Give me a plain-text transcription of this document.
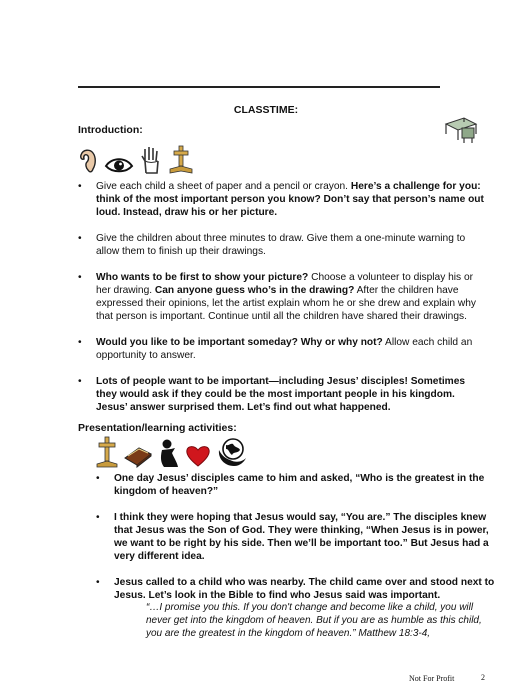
CLASSTIME:
Introduction:
• Give each child a sheet of paper and a pencil or crayon. Here’s a challenge for you: think of the most important person you know? Don’t say that person’s name out loud. Instead, draw his or her picture.
• Give the children about three minutes to draw. Give them a one-minute warning to allow them to finish up their drawings.
• Who wants to be first to show your picture? Choose a volunteer to display his or her drawing. Can anyone guess who’s in the drawing? After the children have expressed their opinions, let the artist explain whom he or she drew and explain why that person is important. Continue until all the children have shared their drawings.
• Would you like to be important someday? Why or why not? Allow each child an opportunity to answer.
• Lots of people want to be important—including Jesus’ disciples! Sometimes they would ask if they could be the most important people in his kingdom. Jesus’ answer surprised them. Let’s find out what happened.
Presentation/learning activities:
• One day Jesus’ disciples came to him and asked, “Who is the greatest in the kingdom of heaven?”
• I think they were hoping that Jesus would say, “You are.” The disciples knew that Jesus was the Son of God. They were thinking, “When Jesus is in power, we want to be right by his side. Then we’ll be important too.” But Jesus had a very different idea.
• Jesus called to a child who was nearby. The child came over and stood next to Jesus. Let’s look in the Bible to find who Jesus said was important.
“…I promise you this. If you don't change and become like a child, you will never get into the kingdom of heaven. But if you are as humble as this child, you are the greatest in the kingdom of heaven.” Matthew 18:3-4,
Not For Profit	2
